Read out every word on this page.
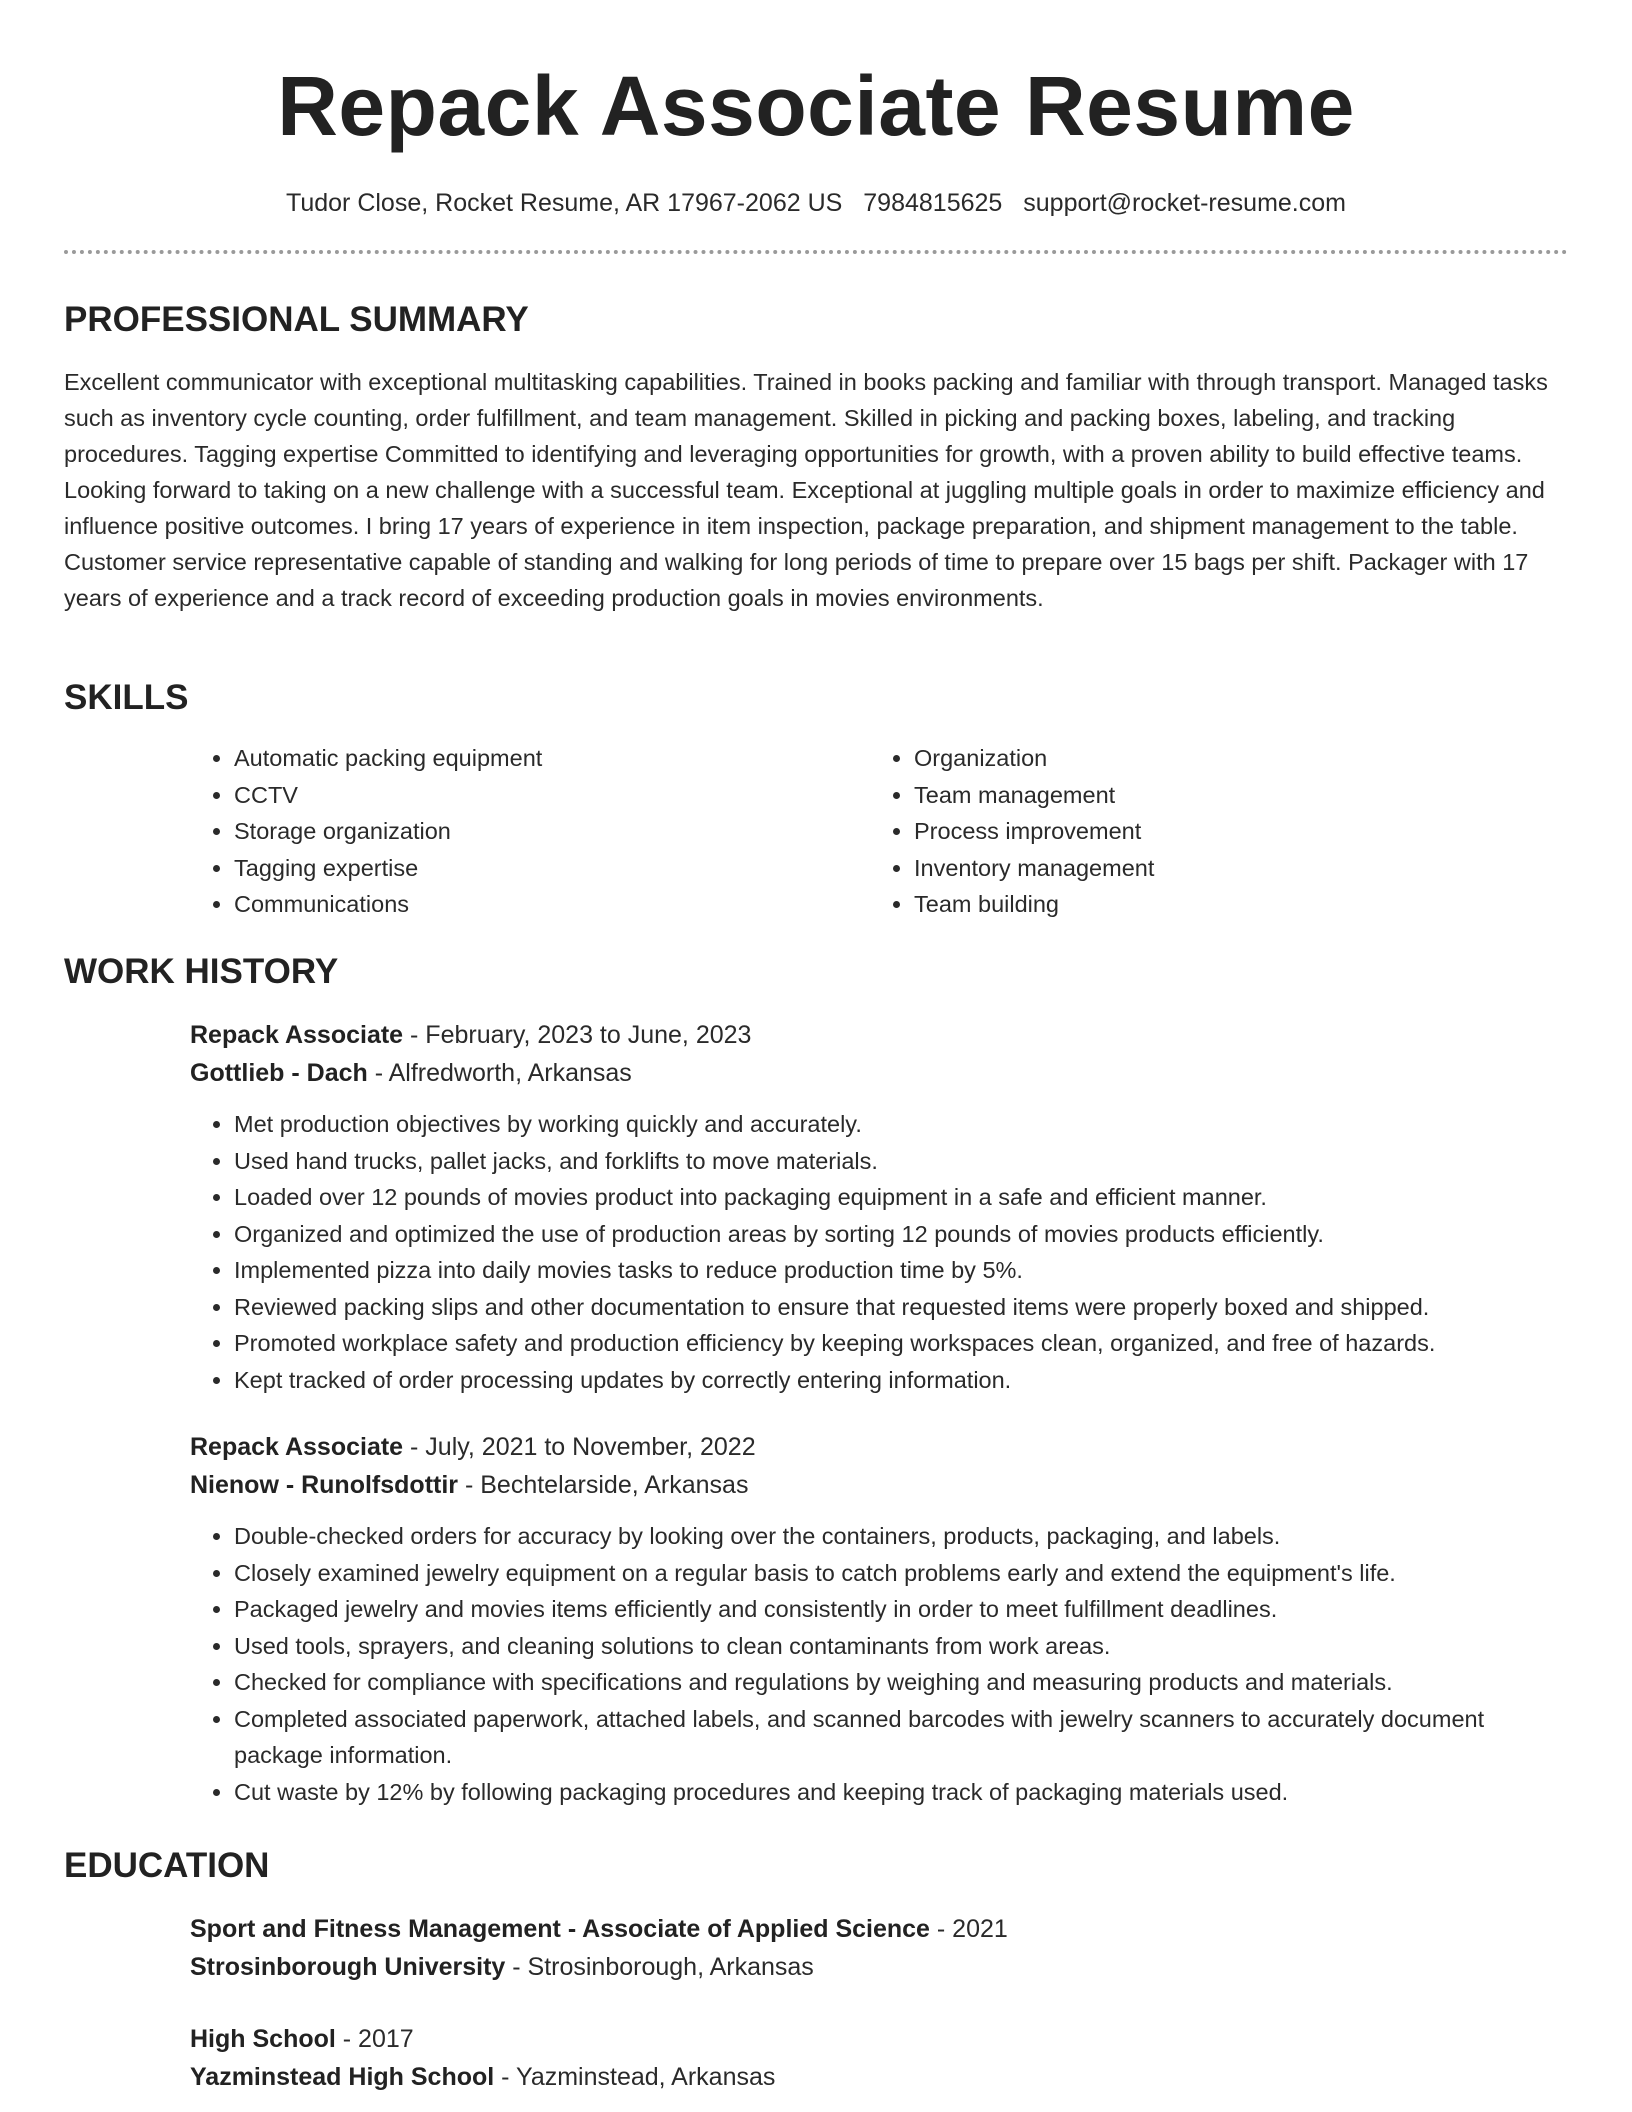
Repack Associate Resume
Tudor Close, Rocket Resume, AR 17967-2062 US 7984815625 support@rocket-resume.com
PROFESSIONAL SUMMARY

Excellent communicator with exceptional multitasking capabilities. Trained in books packing and familiar with through transport. Managed tasks such as inventory cycle counting, order fulfillment, and team management. Skilled in picking and packing boxes, labeling, and tracking procedures. Tagging expertise Committed to identifying and leveraging opportunities for growth, with a proven ability to build effective teams. Looking forward to taking on a new challenge with a successful team. Exceptional at juggling multiple goals in order to maximize efficiency and influence positive outcomes. I bring 17 years of experience in item inspection, package preparation, and shipment management to the table. Customer service representative capable of standing and walking for long periods of time to prepare over 15 bags per shift. Packager with 17 years of experience and a track record of exceeding production goals in movies environments.

SKILLS
• Automatic packing equipment
• CCTV
• Storage organization
• Tagging expertise
• Communications
• Organization
• Team management
• Process improvement
• Inventory management
• Team building
WORK HISTORY
Repack Associate - February, 2023 to June, 2023
Gottlieb - Dach - Alfredworth, Arkansas
• Met production objectives by working quickly and accurately.
• Used hand trucks, pallet jacks, and forklifts to move materials.
• Loaded over 12 pounds of movies product into packaging equipment in a safe and efficient manner.
• Organized and optimized the use of production areas by sorting 12 pounds of movies products efficiently.
• Implemented pizza into daily movies tasks to reduce production time by 5%.
• Reviewed packing slips and other documentation to ensure that requested items were properly boxed and shipped.
• Promoted workplace safety and production efficiency by keeping workspaces clean, organized, and free of hazards.
• Kept tracked of order processing updates by correctly entering information.
Repack Associate - July, 2021 to November, 2022
Nienow - Runolfsdottir - Bechtelarside, Arkansas
• Double-checked orders for accuracy by looking over the containers, products, packaging, and labels.
• Closely examined jewelry equipment on a regular basis to catch problems early and extend the equipment's life.
• Packaged jewelry and movies items efficiently and consistently in order to meet fulfillment deadlines.
• Used tools, sprayers, and cleaning solutions to clean contaminants from work areas.
• Checked for compliance with specifications and regulations by weighing and measuring products and materials.
• Completed associated paperwork, attached labels, and scanned barcodes with jewelry scanners to accurately document package information.
• Cut waste by 12% by following packaging procedures and keeping track of packaging materials used.
EDUCATION
Sport and Fitness Management - Associate of Applied Science - 2021
Strosinborough University - Strosinborough, Arkansas
High School - 2017
Yazminstead High School - Yazminstead, Arkansas
